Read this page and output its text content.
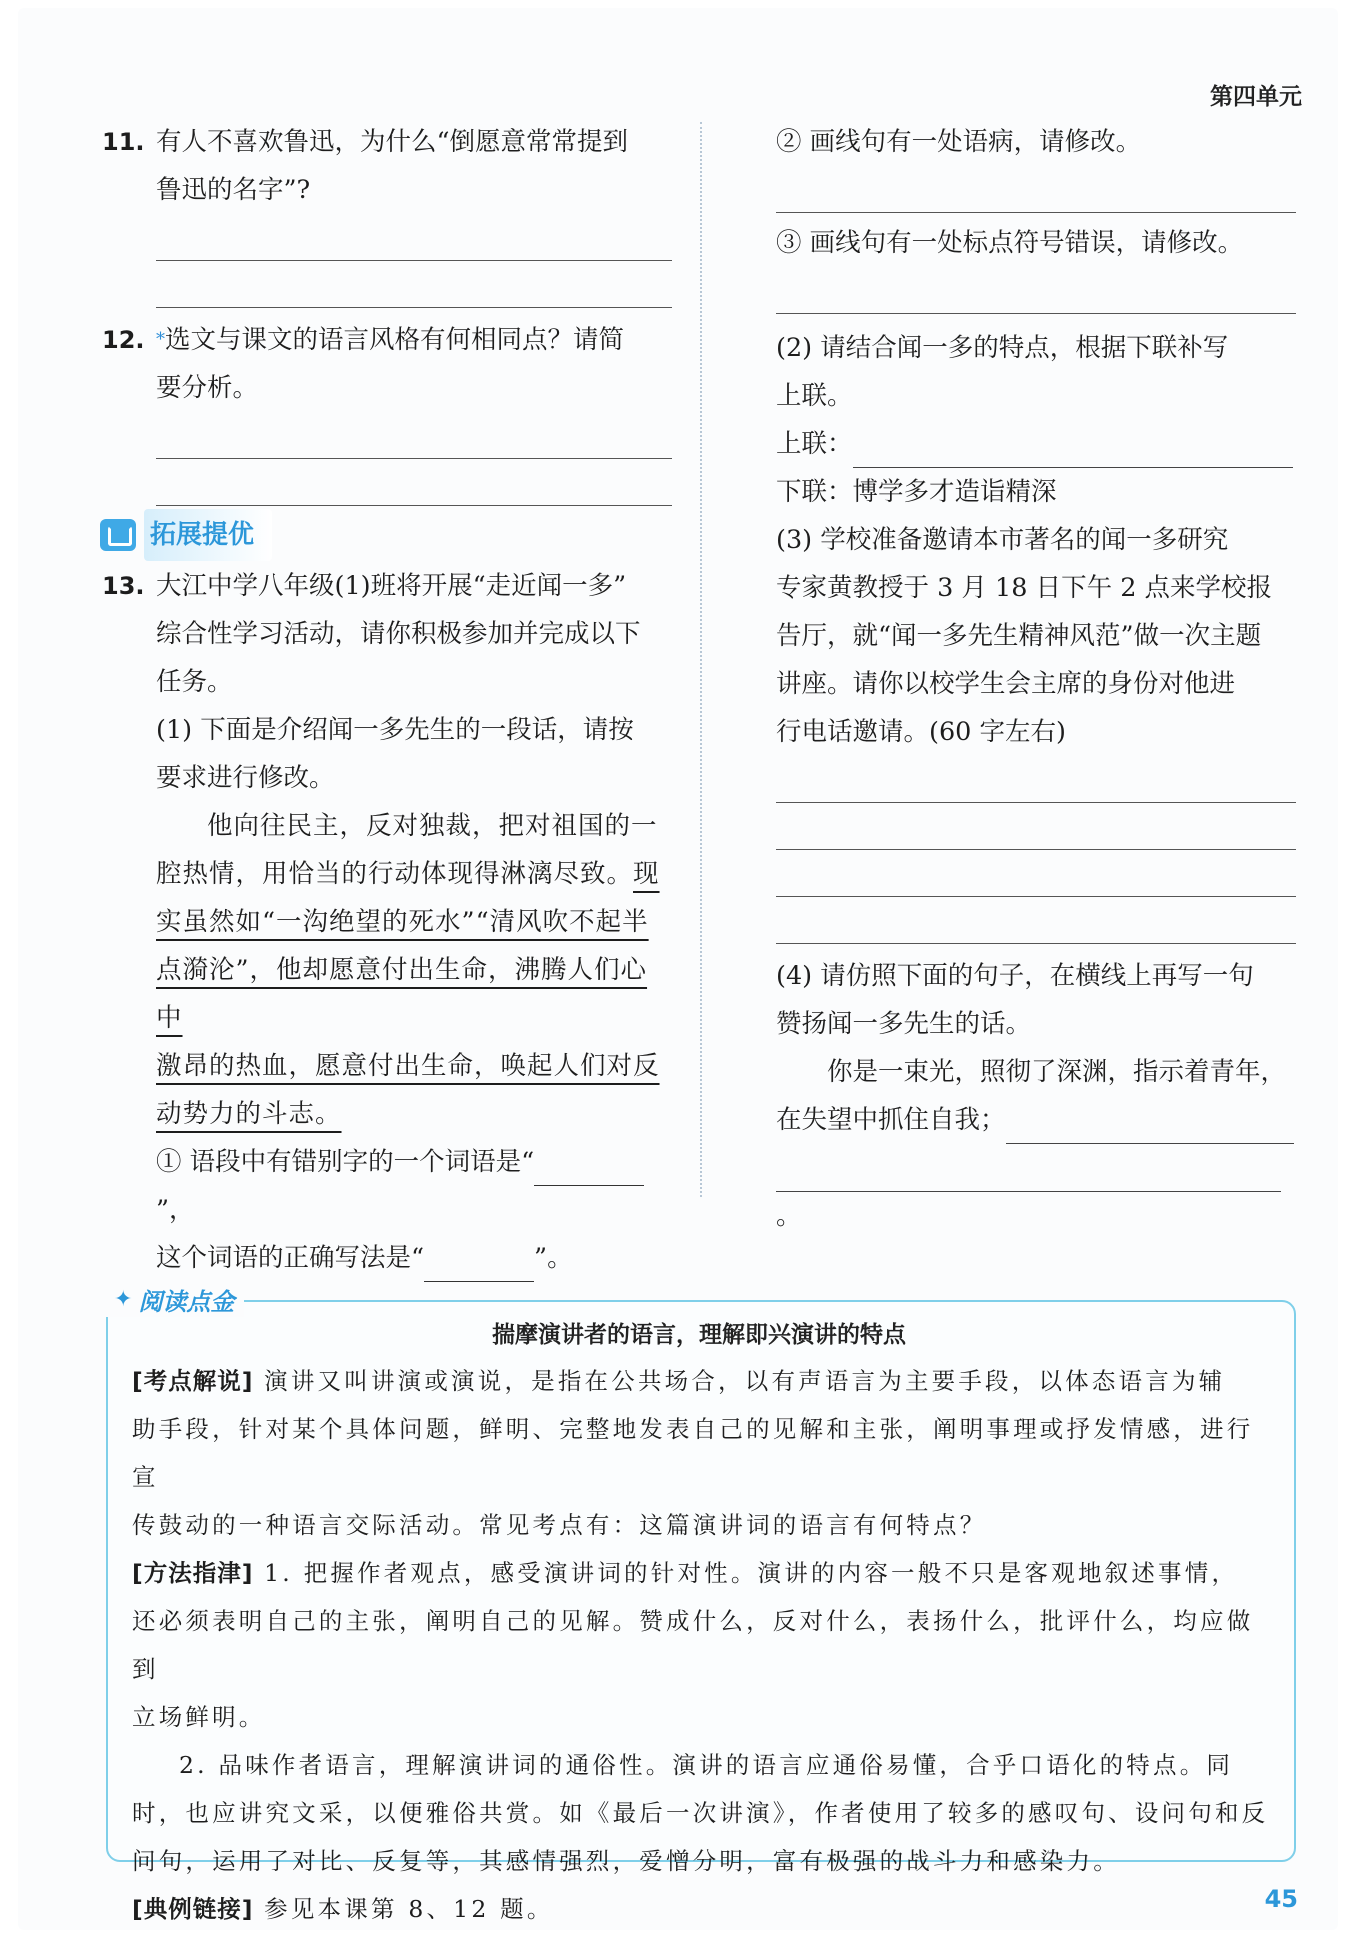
第四单元
11. 有人不喜欢鲁迅，为什么“倒愿意常常提到
鲁迅的名字”?
12. *选文与课文的语言风格有何相同点？请简
要分析。
拓展提优
13. 大江中学八年级(1)班将开展“走近闻一多”
综合性学习活动，请你积极参加并完成以下
任务。
(1) 下面是介绍闻一多先生的一段话，请按
要求进行修改。
他向往民主，反对独裁，把对祖国的一
腔热情，用恰当的行动体现得淋漓尽致。现
实虽然如“一沟绝望的死水”“清风吹不起半
点漪沦”，他却愿意付出生命，沸腾人们心中
激昂的热血，愿意付出生命，唤起人们对反
动势力的斗志。
① 语段中有错别字的一个词语是“”，
这个词语的正确写法是“	”。
② 画线句有一处语病，请修改。
③ 画线句有一处标点符号错误，请修改。
(2) 请结合闻一多的特点，根据下联补写
上联。
上联：
下联：博学多才造诣精深
(3) 学校准备邀请本市著名的闻一多研究
专家黄教授于 3 月 18 日下午 2 点来学校报
告厅，就“闻一多先生精神风范”做一次主题
讲座。请你以校学生会主席的身份对他进
行电话邀请。(60 字左右)
(4) 请仿照下面的句子，在横线上再写一句
赞扬闻一多先生的话。
你是一束光，照彻了深渊，指示着青年，
在失望中抓住自我；
。
✦ 阅读点金
揣摩演讲者的语言，理解即兴演讲的特点
[考点解说] 演讲又叫讲演或演说，是指在公共场合，以有声语言为主要手段，以体态语言为辅
助手段，针对某个具体问题，鲜明、完整地发表自己的见解和主张，阐明事理或抒发情感，进行宣
传鼓动的一种语言交际活动。常见考点有：这篇演讲词的语言有何特点？
[方法指津] 1. 把握作者观点，感受演讲词的针对性。演讲的内容一般不只是客观地叙述事情，
还必须表明自己的主张，阐明自己的见解。赞成什么，反对什么，表扬什么，批评什么，均应做到
立场鲜明。
2. 品味作者语言，理解演讲词的通俗性。演讲的语言应通俗易懂，合乎口语化的特点。同
时，也应讲究文采，以便雅俗共赏。如《最后一次讲演》，作者使用了较多的感叹句、设问句和反
问句，运用了对比、反复等，其感情强烈，爱憎分明，富有极强的战斗力和感染力。
[典例链接] 参见本课第 8、12 题。	45
